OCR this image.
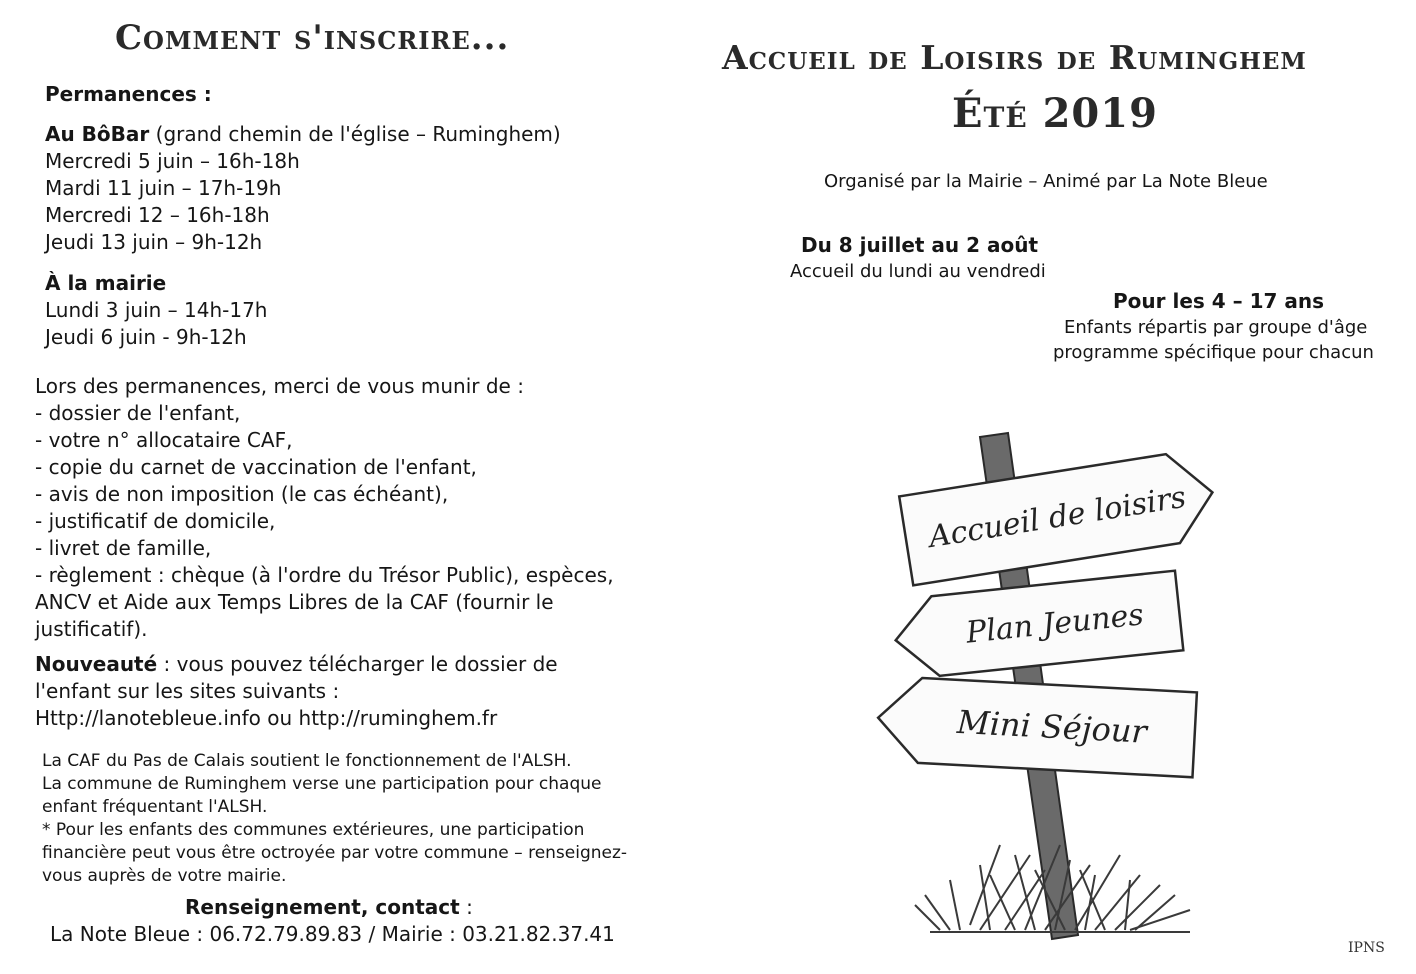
Comment s'inscrire...
Permanences :
Au BôBar (grand chemin de l'église – Ruminghem)
Mercredi 5 juin – 16h-18h
Mardi 11 juin – 17h-19h
Mercredi 12 – 16h-18h
Jeudi 13 juin – 9h-12h
À la mairie
Lundi 3 juin – 14h-17h
Jeudi 6 juin - 9h-12h
Lors des permanences, merci de vous munir de :
- dossier de l'enfant,
- votre n° allocataire CAF,
- copie du carnet de vaccination de l'enfant,
- avis de non imposition (le cas échéant),
- justificatif de domicile,
- livret de famille,
- règlement : chèque (à l'ordre du Trésor Public), espèces,
ANCV et Aide aux Temps Libres de la CAF (fournir le
justificatif).
Nouveauté : vous pouvez télécharger le dossier de
l'enfant sur les sites suivants :
Http://lanotebleue.info ou http://ruminghem.fr
La CAF du Pas de Calais soutient le fonctionnement de l'ALSH.
La commune de Ruminghem verse une participation pour chaque
enfant fréquentant l'ALSH.
* Pour les enfants des communes extérieures, une participation
financière peut vous être octroyée par votre commune – renseignez-
vous auprès de votre mairie.
Renseignement, contact :
La Note Bleue : 06.72.79.89.83 / Mairie : 03.21.82.37.41
Accueil de Loisirs de Ruminghem
Été 2019
Organisé par la Mairie – Animé par La Note Bleue
Du 8 juillet au 2 août
Accueil du lundi au vendredi
Pour les 4 – 17 ans
Enfants répartis par groupe d'âge
programme spécifique pour chacun
Accueil de loisirs
Plan Jeunes
Mini Séjour
IPNS
